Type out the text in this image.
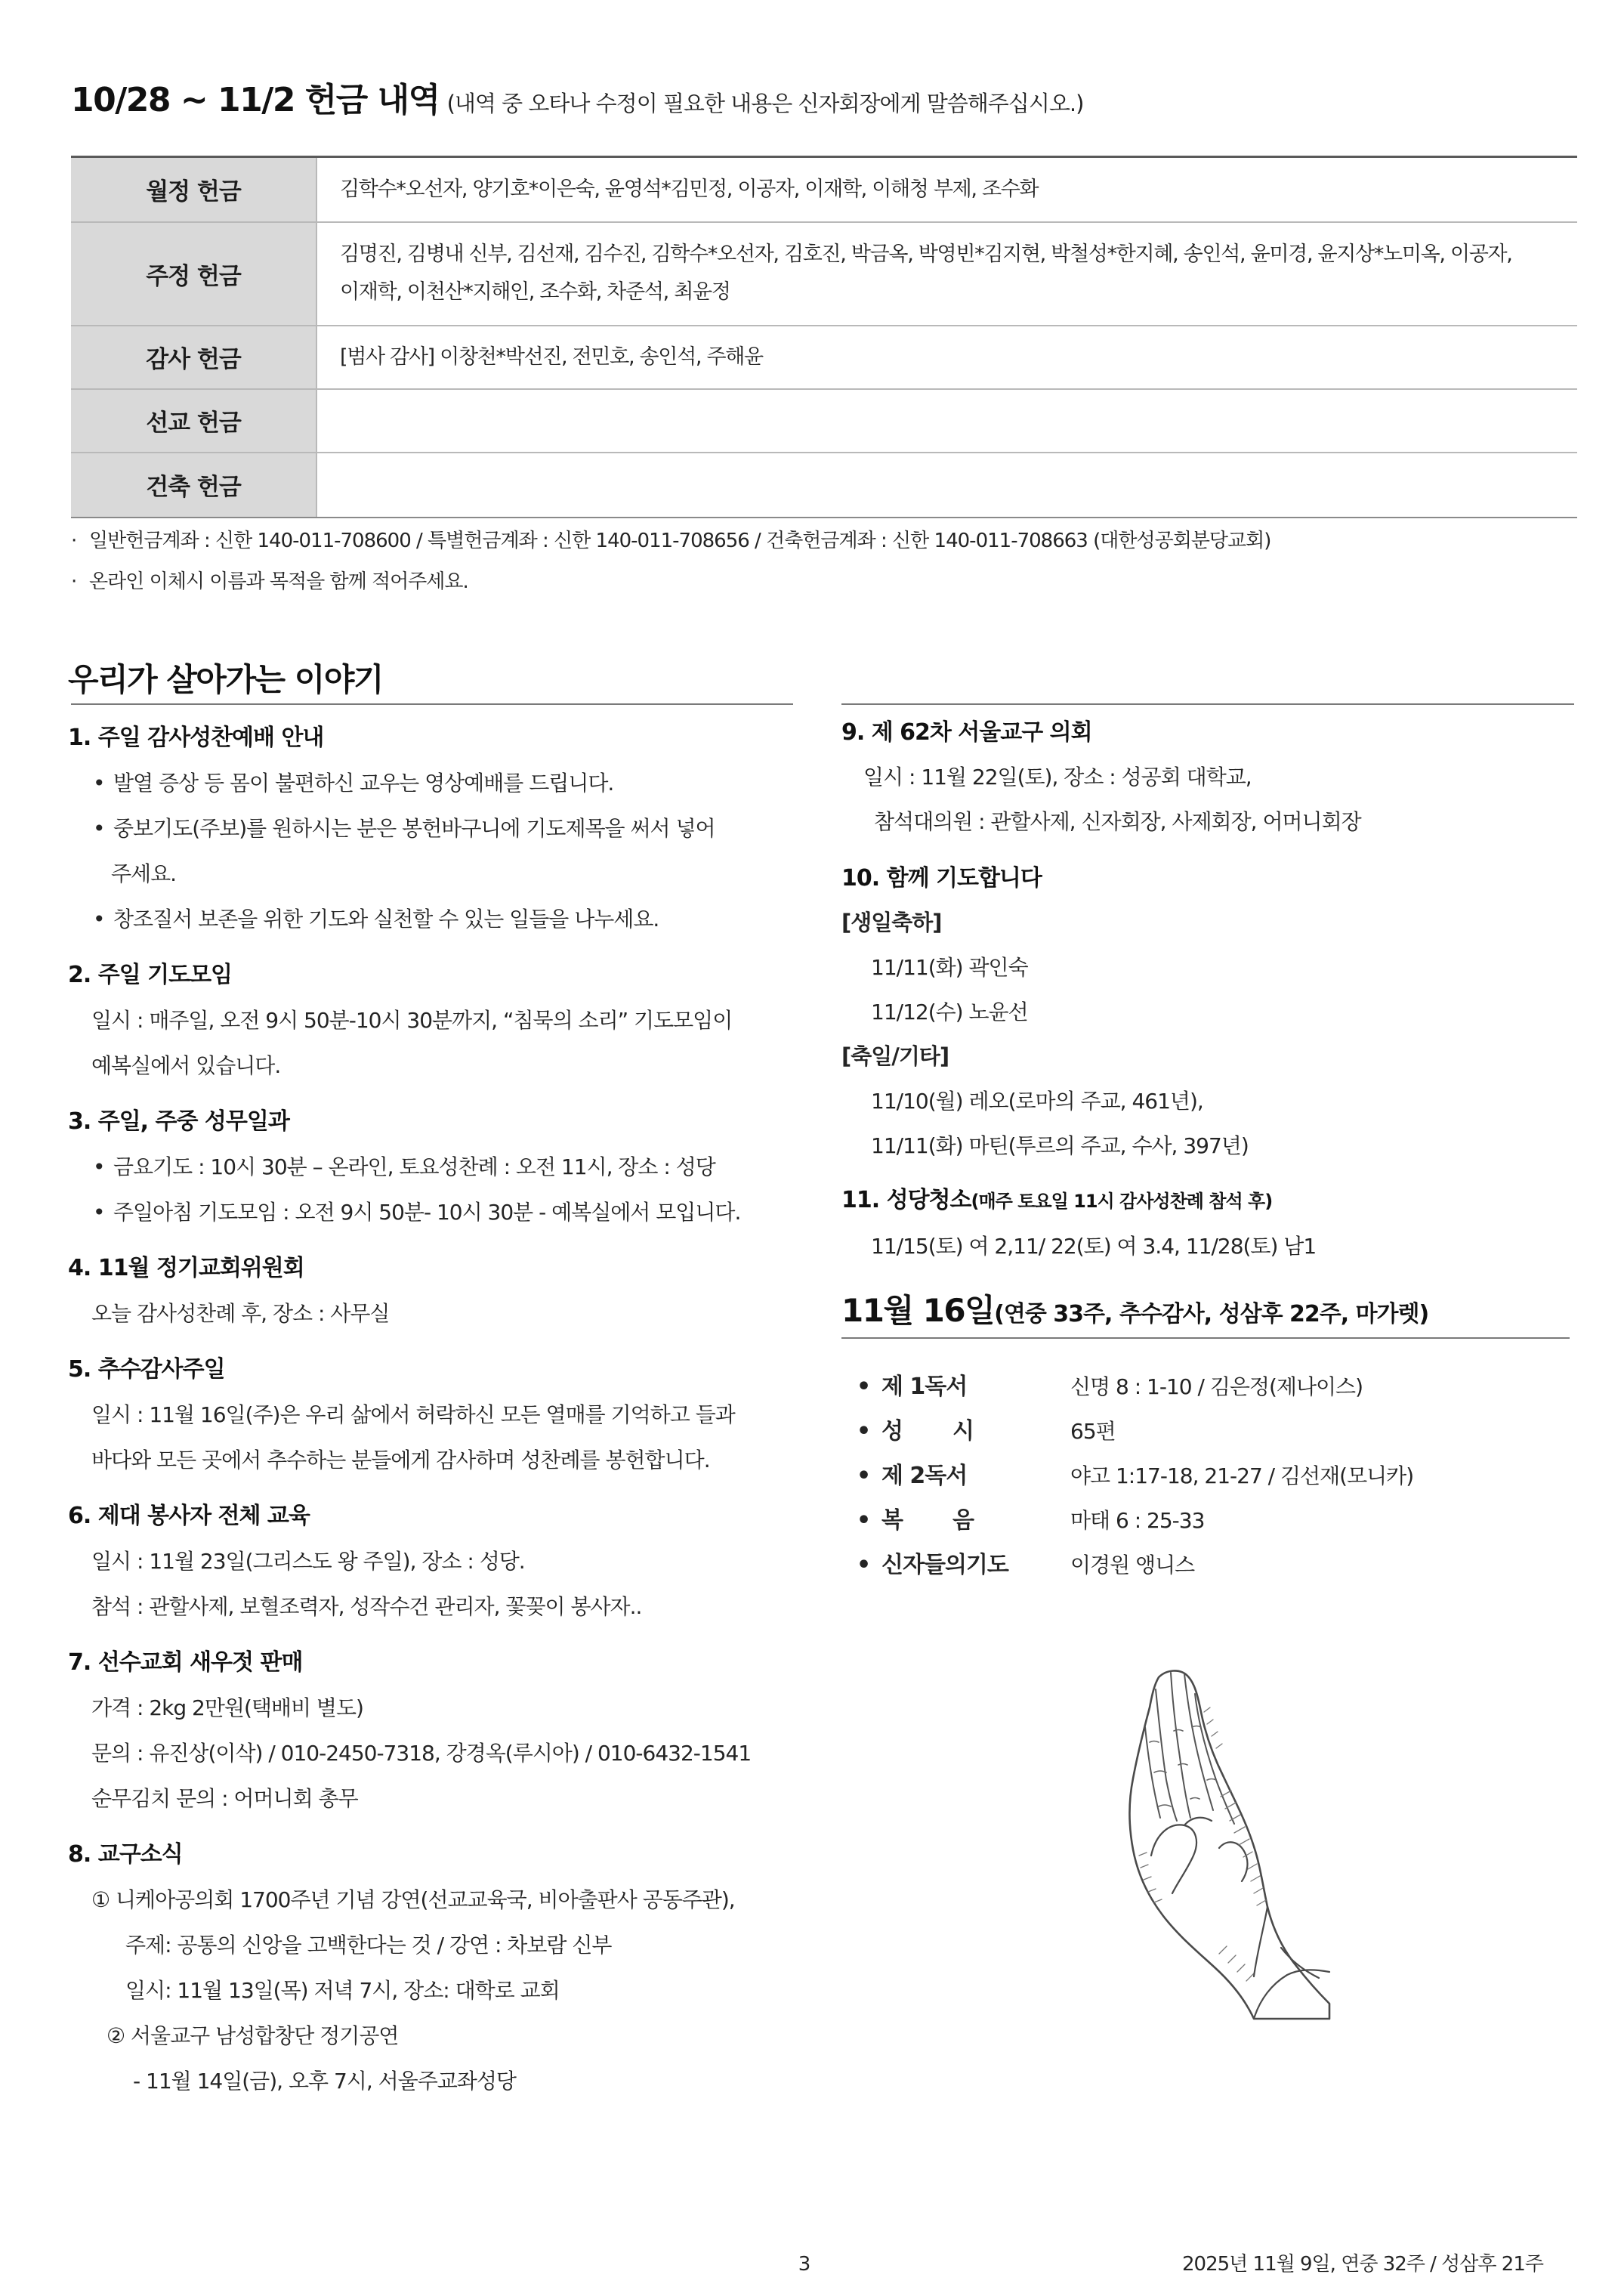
10/28 ~ 11/2 헌금 내역 (내역 중 오타나 수정이 필요한 내용은 신자회장에게 말씀해주십시오.)
월정 헌금	김학수*오선자, 양기호*이은숙, 윤영석*김민정, 이공자, 이재학, 이해청 부제, 조수화

주정 헌금	김명진, 김병내 신부, 김선재, 김수진, 김학수*오선자, 김호진, 박금옥, 박영빈*김지현, 박철성*한지혜, 송인석, 윤미경, 윤지상*노미옥, 이공자,
이재학, 이천산*지해인, 조수화, 차준석, 최윤정

감사 헌금	[범사 감사] 이창천*박선진, 전민호, 송인석, 주해윤

선교 헌금	
건축 헌금	
· 일반헌금계좌 : 신한 140-011-708600 / 특별헌금계좌 : 신한 140-011-708656 / 건축헌금계좌 : 신한 140-011-708663 (대한성공회분당교회)
· 온라인 이체시 이름과 목적을 함께 적어주세요.
우리가 살아가는 이야기
1. 주일 감사성찬예배 안내
• 발열 증상 등 몸이 불편하신 교우는 영상예배를 드립니다.
• 중보기도(주보)를 원하시는 분은 봉헌바구니에 기도제목을 써서 넣어
주세요.
• 창조질서 보존을 위한 기도와 실천할 수 있는 일들을 나누세요.
2. 주일 기도모임
일시 : 매주일, 오전 9시 50분-10시 30분까지, “침묵의 소리” 기도모임이
예복실에서 있습니다.
3. 주일, 주중 성무일과
• 금요기도 : 10시 30분 – 온라인, 토요성찬례 : 오전 11시, 장소 : 성당
• 주일아침 기도모임 : 오전 9시 50분- 10시 30분 - 예복실에서 모입니다.
4. 11월 정기교회위원회
오늘 감사성찬례 후, 장소 : 사무실
5. 추수감사주일
일시 : 11월 16일(주)은 우리 삶에서 허락하신 모든 열매를 기억하고 들과
바다와 모든 곳에서 추수하는 분들에게 감사하며 성찬례를 봉헌합니다.
6. 제대 봉사자 전체 교육
일시 : 11월 23일(그리스도 왕 주일), 장소 : 성당.
참석 : 관할사제, 보혈조력자, 성작수건 관리자, 꽃꽂이 봉사자..
7. 선수교회 새우젓 판매
가격 : 2kg 2만원(택배비 별도)
문의 : 유진상(이삭) / 010-2450-7318, 강경옥(루시아) / 010-6432-1541
순무김치 문의 : 어머니회 총무
8. 교구소식
① 니케아공의회 1700주년 기념 강연(선교교육국, 비아출판사 공동주관),
주제: 공통의 신앙을 고백한다는 것 / 강연 : 차보람 신부
일시: 11월 13일(목) 저녁 7시, 장소: 대학로 교회
② 서울교구 남성합창단 정기공연
- 11월 14일(금), 오후 7시, 서울주교좌성당
9. 제 62차 서울교구 의회
일시 : 11월 22일(토), 장소 : 성공회 대학교,
참석대의원 : 관할사제, 신자회장, 사제회장, 어머니회장
10. 함께 기도합니다
[생일축하]
11/11(화) 곽인숙
11/12(수) 노윤선
[축일/기타]
11/10(월) 레오(로마의 주교, 461년),
11/11(화) 마틴(투르의 주교, 수사, 397년)
11. 성당청소(매주 토요일 11시 감사성찬례 참석 후)
11/15(토) 여 2,11/ 22(토) 여 3.4, 11/28(토) 남1
11월 16일(연중 33주, 추수감사, 성삼후 22주, 마가렛)
• 제 1독서	신명 8 : 1-10 / 김은정(제나이스)
• 성 시	65편
• 제 2독서	야고 1:17-18, 21-27 / 김선재(모니카)
• 복 음	마태 6 : 25-33
• 신자들의기도	이경원 앵니스
3	2025년 11월 9일, 연중 32주 / 성삼후 21주
